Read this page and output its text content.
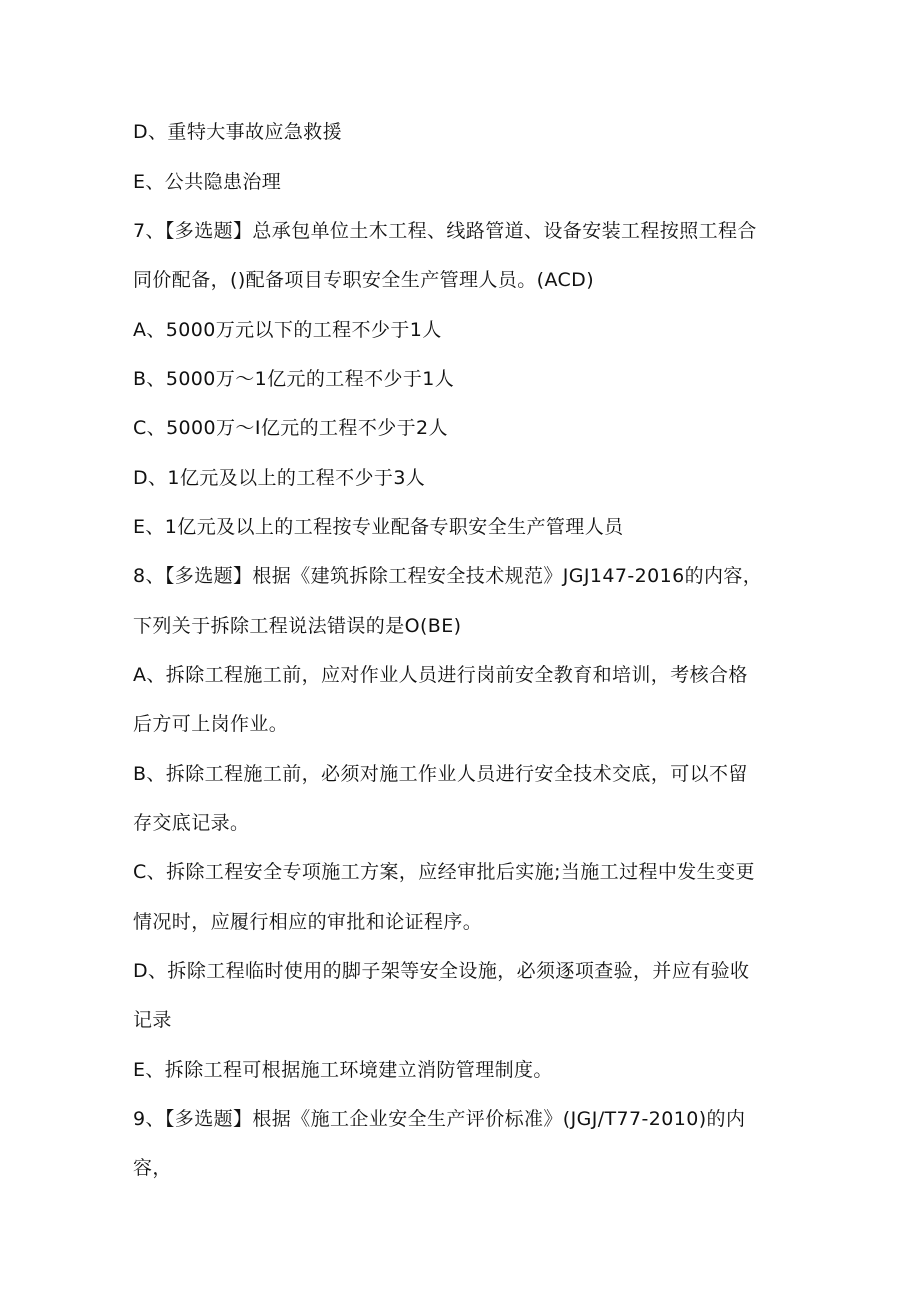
D、重特大事故应急救援
E、公共隐患治理
7、【多选题】总承包单位土木工程、线路管道、设备安装工程按照工程合
同价配备，()配备项目专职安全生产管理人员。(ACD)
A、5000万元以下的工程不少于1人
B、5000万～1亿元的工程不少于1人
C、5000万～I亿元的工程不少于2人
D、1亿元及以上的工程不少于3人
E、1亿元及以上的工程按专业配备专职安全生产管理人员
8、【多选题】根据《建筑拆除工程安全技术规范》JGJ147-2016的内容，
下列关于拆除工程说法错误的是O(BE)
A、拆除工程施工前，应对作业人员进行岗前安全教育和培训，考核合格
后方可上岗作业。
B、拆除工程施工前，必须对施工作业人员进行安全技术交底，可以不留
存交底记录。
C、拆除工程安全专项施工方案，应经审批后实施;当施工过程中发生变更
情况时，应履行相应的审批和论证程序。
D、拆除工程临时使用的脚子架等安全设施，必须逐项查验，并应有验收
记录
E、拆除工程可根据施工环境建立消防管理制度。
9、【多选题】根据《施工企业安全生产评价标准》(JGJ/T77-2010)的内
容，
